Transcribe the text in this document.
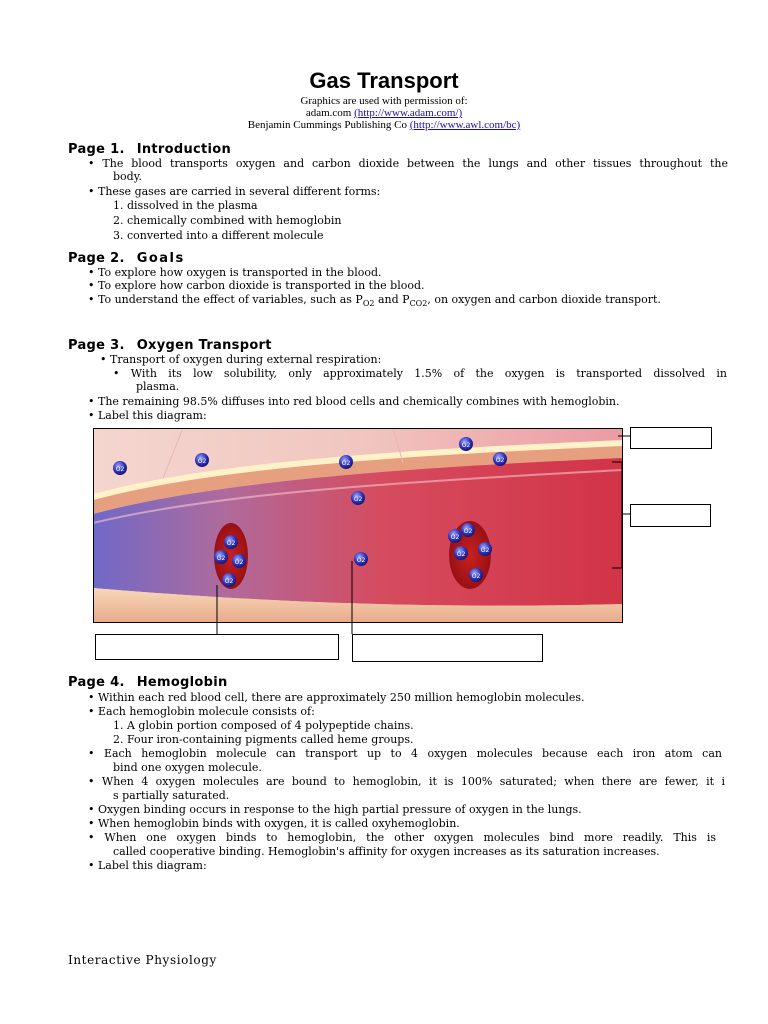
Gas Transport
Graphics are used with permission of:
adam.com (http://www.adam.com/)
Benjamin Cummings Publishing Co (http://www.awl.com/bc)
Page 1. Introduction
• The blood transports oxygen and carbon dioxide between the lungs and other tissues throughout the
body.
• These gases are carried in several different forms:
1. dissolved in the plasma
2. chemically combined with hemoglobin
3. converted into a different molecule
Page 2. Goals
• To explore how oxygen is transported in the blood.
• To explore how carbon dioxide is transported in the blood.
• To understand the effect of variables, such as $P_{O2}$ and $P_{CO2}$, on oxygen and carbon dioxide transport.
Page 3. Oxygen Transport
• Transport of oxygen during external respiration:
• With its low solubility, only approximately 1.5% of the oxygen is transported dissolved in
plasma.
• The remaining 98.5% diffuses into red blood cells and chemically combines with hemoglobin.
• Label this diagram:
O2
O2	O2
O2
O2
O2
O2
O2
O2
O2
O2
O2
O2
O2
O2
O2
Page 4. Hemoglobin
• Within each red blood cell, there are approximately 250 million hemoglobin molecules.
• Each hemoglobin molecule consists of:
1. A globin portion composed of 4 polypeptide chains.
2. Four iron-containing pigments called heme groups.
• Each hemoglobin molecule can transport up to 4 oxygen molecules because each iron atom can
bind one oxygen molecule.
• When 4 oxygen molecules are bound to hemoglobin, it is 100% saturated; when there are fewer, it i
s partially saturated.
• Oxygen binding occurs in response to the high partial pressure of oxygen in the lungs.
• When hemoglobin binds with oxygen, it is called oxyhemoglobin.
• When one oxygen binds to hemoglobin, the other oxygen molecules bind more readily. This is
called cooperative binding. Hemoglobin's affinity for oxygen increases as its saturation increases.
• Label this diagram:
Interactive Physiology
